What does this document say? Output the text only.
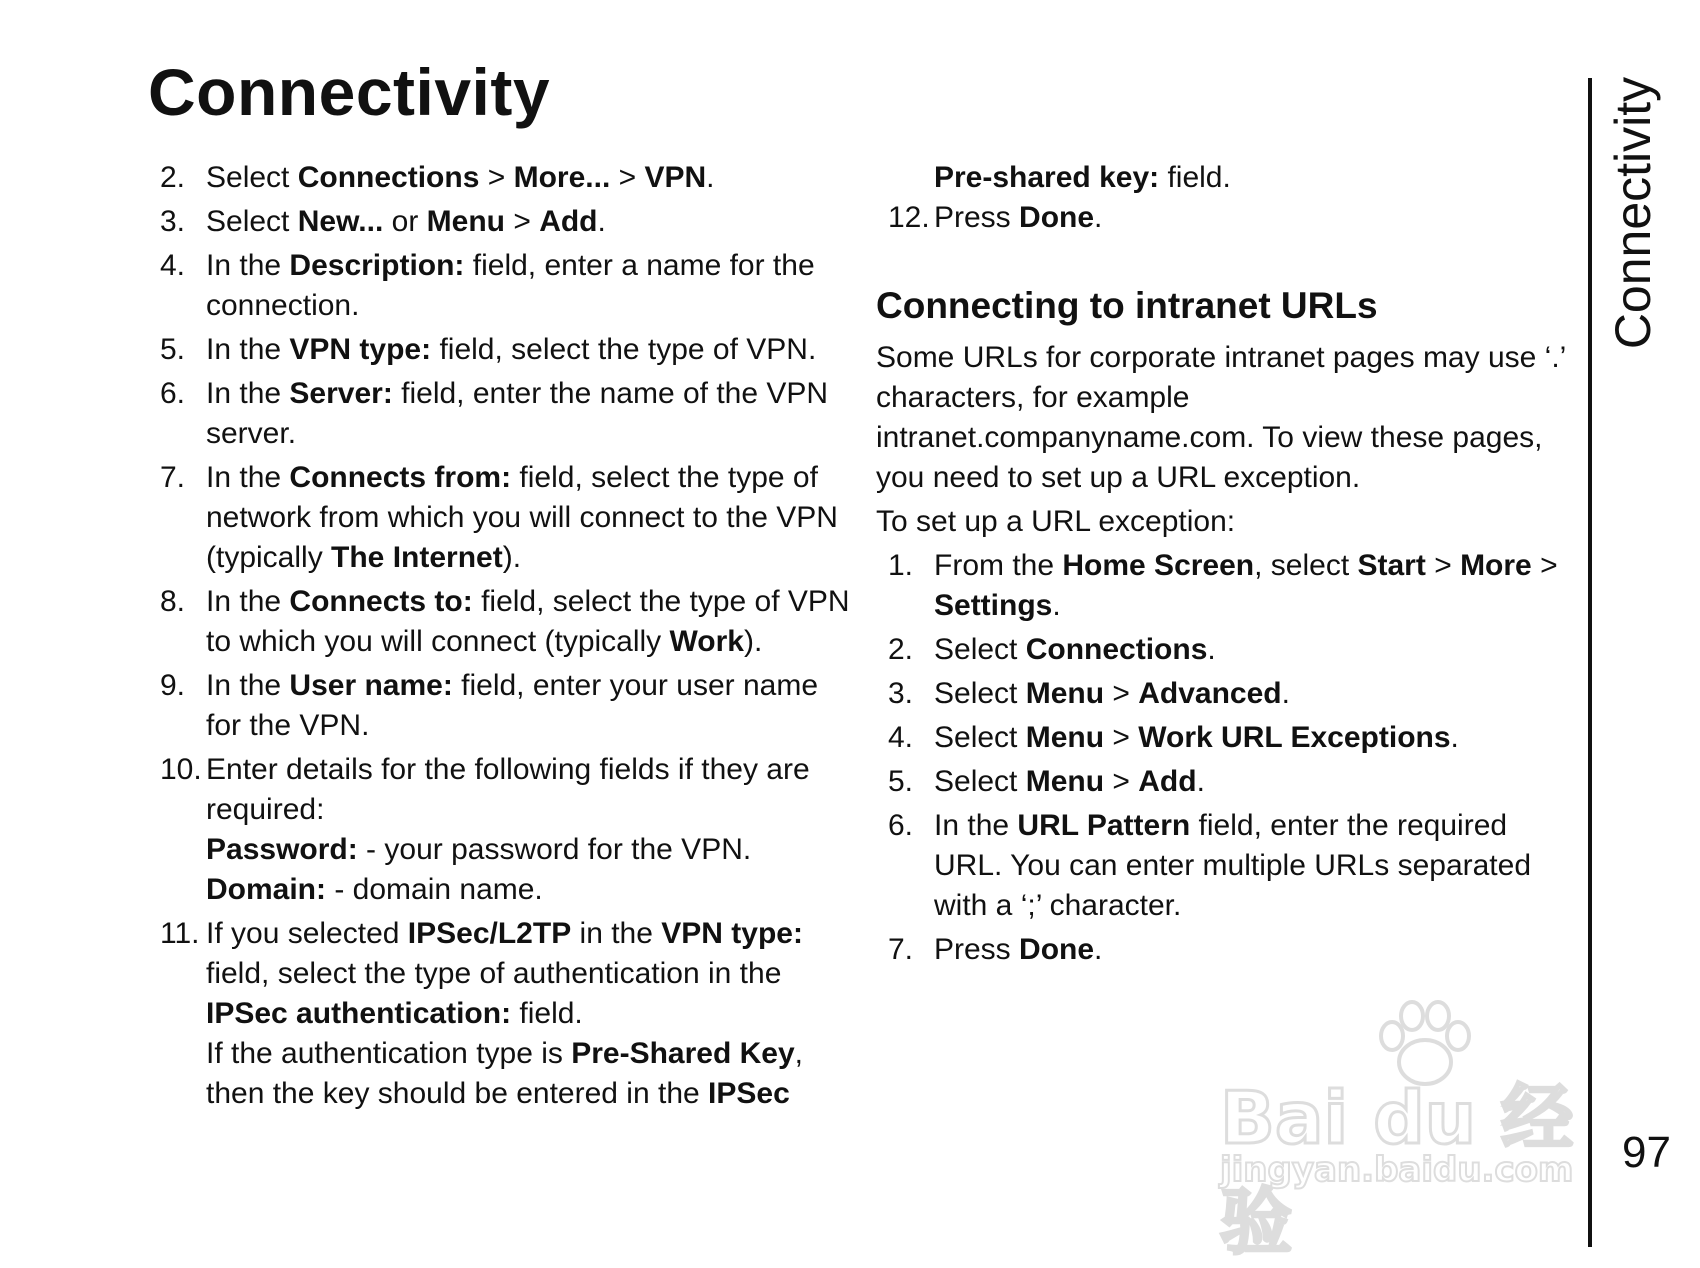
Connectivity
2. Select Connections > More... > VPN.
3. Select New... or Menu > Add.
4. In the Description: field, enter a name for the connection.
5. In the VPN type: field, select the type of VPN.
6. In the Server: field, enter the name of the VPN server.
7. In the Connects from: field, select the type of network from which you will connect to the VPN (typically The Internet).
8. In the Connects to: field, select the type of VPN to which you will connect (typically Work).
9. In the User name: field, enter your user name for the VPN.
10. Enter details for the following fields if they are required:
Password: - your password for the VPN.
Domain: - domain name.
11. If you selected IPSec/L2TP in the VPN type: field, select the type of authentication in the IPSec authentication: field.
If the authentication type is Pre-Shared Key, then the key should be entered in the IPSec
Pre-shared key: field.
12. Press Done.
Connecting to intranet URLs

Some URLs for corporate intranet pages may use ‘.’ characters, for example intranet.companyname.com. To view these pages, you need to set up a URL exception.

To set up a URL exception:

1. From the Home Screen, select Start > More > Settings.
2. Select Connections.
3. Select Menu > Advanced.
4. Select Menu > Work URL Exceptions.
5. Select Menu > Add.
6. In the URL Pattern field, enter the required URL. You can enter multiple URLs separated with a ‘;’ character.
7. Press Done.
Connectivity
Bai du 经验
jingyan.baidu.com 97
